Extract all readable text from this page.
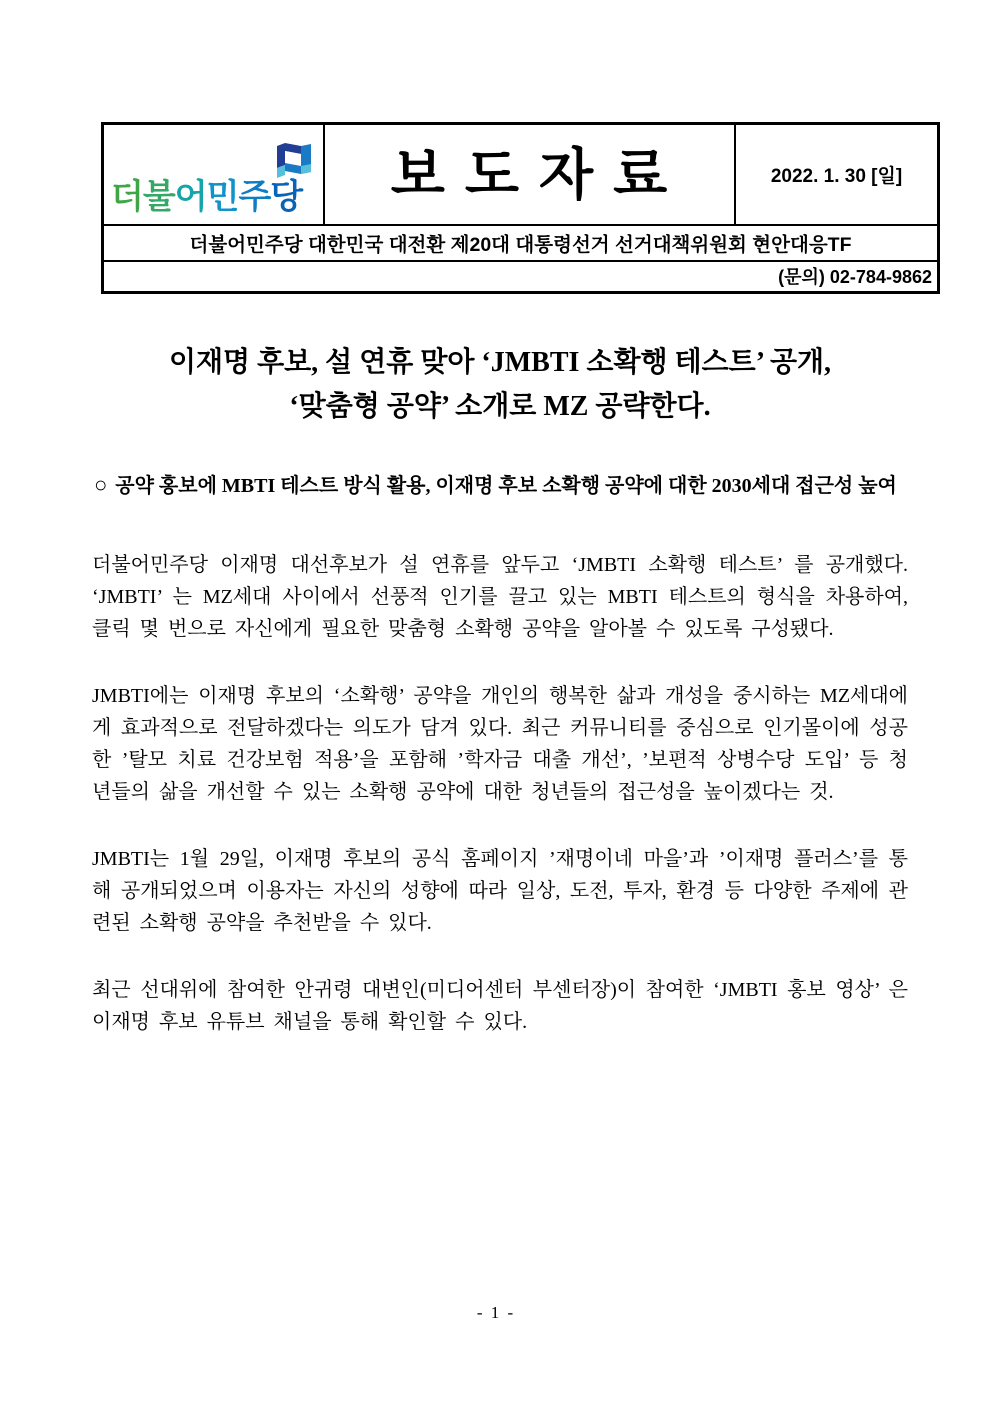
더불어민주당	보도자료	2022. 1. 30 [일]
더불어민주당 대한민국 대전환 제20대 대통령선거 선거대책위원회 현안대응TF
(문의) 02-784-9862
이재명 후보, 설 연휴 맞아 ‘JMBTI 소확행 테스트’ 공개,
‘맞춤형 공약’ 소개로 MZ 공략한다.
○ 공약 홍보에 MBTI 테스트 방식 활용, 이재명 후보 소확행 공약에 대한 2030세대 접근성 높여

더불어민주당 이재명 대선후보가 설 연휴를 앞두고 ‘JMBTI 소확행 테스트’ 를 공개했다. ‘JMBTI’ 는 MZ세대 사이에서 선풍적 인기를 끌고 있는 MBTI 테스트의 형식을 차용하여, 클릭 몇 번으로 자신에게 필요한 맞춤형 소확행 공약을 알아볼 수 있도록 구성됐다.

JMBTI에는 이재명 후보의 ‘소확행’ 공약을 개인의 행복한 삶과 개성을 중시하는 MZ세대에게 효과적으로 전달하겠다는 의도가 담겨 있다. 최근 커뮤니티를 중심으로 인기몰이에 성공한 ’탈모 치료 건강보험 적용’을 포함해 ’학자금 대출 개선’, ’보편적 상병수당 도입’ 등 청년들의 삶을 개선할 수 있는 소확행 공약에 대한 청년들의 접근성을 높이겠다는 것.

JMBTI는 1월 29일, 이재명 후보의 공식 홈페이지 ’재명이네 마을’과 ’이재명 플러스’를 통해 공개되었으며 이용자는 자신의 성향에 따라 일상, 도전, 투자, 환경 등 다양한 주제에 관련된 소확행 공약을 추천받을 수 있다.

최근 선대위에 참여한 안귀령 대변인(미디어센터 부센터장)이 참여한 ‘JMBTI 홍보 영상’ 은 이재명 후보 유튜브 채널을 통해 확인할 수 있다.

- 1 -
